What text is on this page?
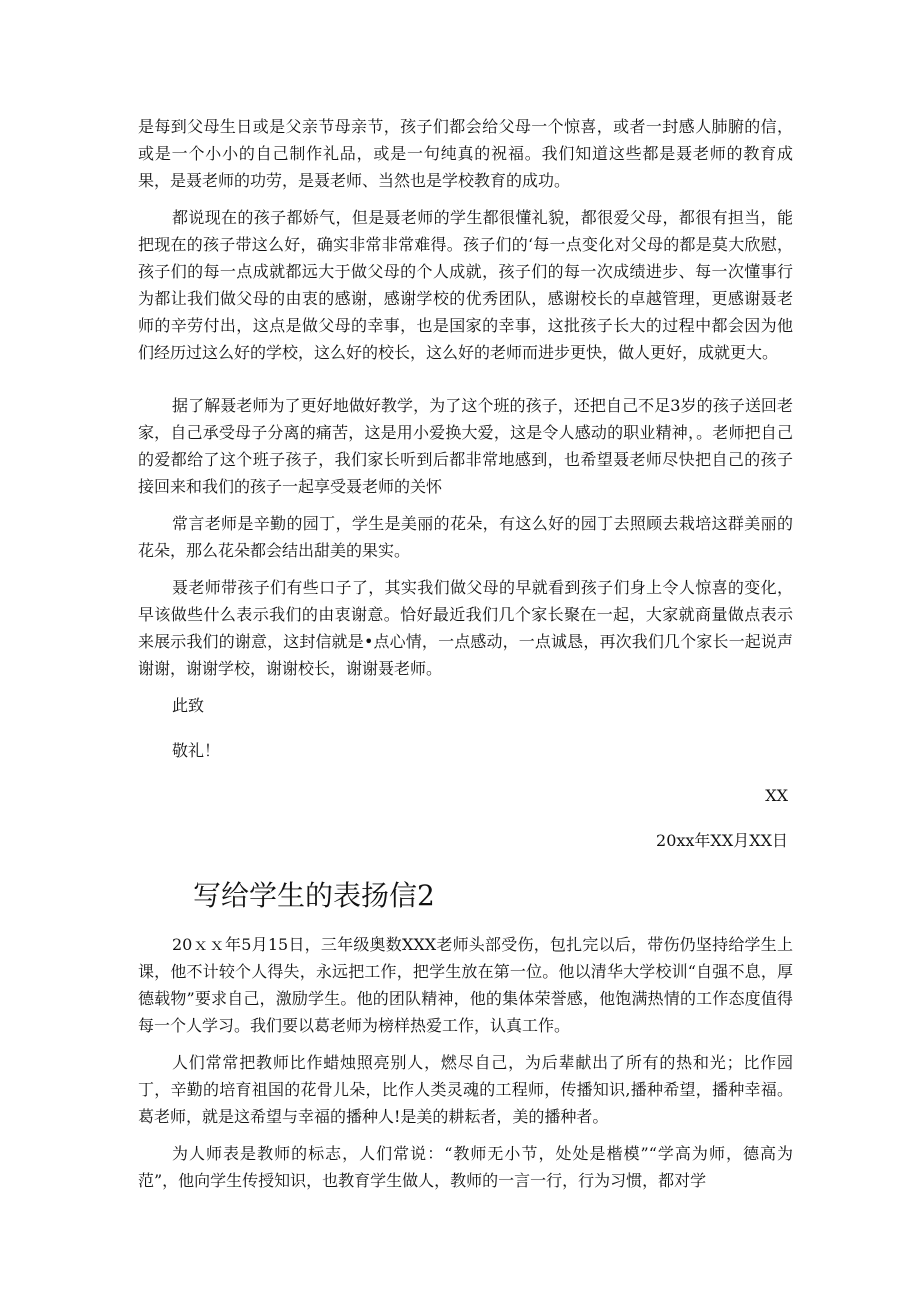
是每到父母生日或是父亲节母亲节，孩子们都会给父母一个惊喜，或者一封感人肺腑的信，或是一个小小的自己制作礼品，或是一句纯真的祝福。我们知道这些都是聂老师的教育成果，是聂老师的功劳，是聂老师、当然也是学校教育的成功。

都说现在的孩子都娇气，但是聂老师的学生都很懂礼貌，都很爱父母，都很有担当，能把现在的孩子带这么好，确实非常非常难得。孩子们的‘每一点变化对父母的都是莫大欣慰，孩子们的每一点成就都远大于做父母的个人成就，孩子们的每一次成绩进步、每一次懂事行为都让我们做父母的由衷的感谢，感谢学校的优秀团队，感谢校长的卓越管理，更感谢聂老师的辛劳付出，这点是做父母的幸事，也是国家的幸事，这批孩子长大的过程中都会因为他们经历过这么好的学校，这么好的校长，这么好的老师而进步更快，做人更好，成就更大。

据了解聂老师为了更好地做好教学，为了这个班的孩子，还把自己不足3岁的孩子送回老家，自己承受母子分离的痛苦，这是用小爱换大爱，这是令人感动的职业精神，。老师把自己的爱都给了这个班子孩子，我们家长听到后都非常地感到，也希望聂老师尽快把自己的孩子接回来和我们的孩子一起享受聂老师的关怀

常言老师是辛勤的园丁，学生是美丽的花朵，有这么好的园丁去照顾去栽培这群美丽的花朵，那么花朵都会结出甜美的果实。

聂老师带孩子们有些口子了，其实我们做父母的早就看到孩子们身上令人惊喜的变化，早该做些什么表示我们的由衷谢意。恰好最近我们几个家长聚在一起，大家就商量做点表示来展示我们的谢意，这封信就是•点心情，一点感动，一点诚恳，再次我们几个家长一起说声谢谢，谢谢学校，谢谢校长，谢谢聂老师。

此致

敬礼！

XX

20xx年XX月XX日

写给学生的表扬信2

20ｘｘ年5月15日，三年级奥数XXX老师头部受伤，包扎完以后，带伤仍坚持给学生上课，他不计较个人得失，永远把工作，把学生放在第一位。他以清华大学校训“自强不息，厚德载物”要求自己，激励学生。他的团队精神，他的集体荣誉感，他饱满热情的工作态度值得每一个人学习。我们要以葛老师为榜样热爱工作，认真工作。

人们常常把教师比作蜡烛照亮别人，燃尽自己，为后辈献出了所有的热和光；比作园丁，辛勤的培育祖国的花骨儿朵，比作人类灵魂的工程师，传播知识,播种希望，播种幸福。葛老师，就是这希望与幸福的播种人!是美的耕耘者，美的播种者。

为人师表是教师的标志，人们常说：“教师无小节，处处是楷模”“学高为师，德高为范”，他向学生传授知识，也教育学生做人，教师的一言一行，行为习惯，都对学
